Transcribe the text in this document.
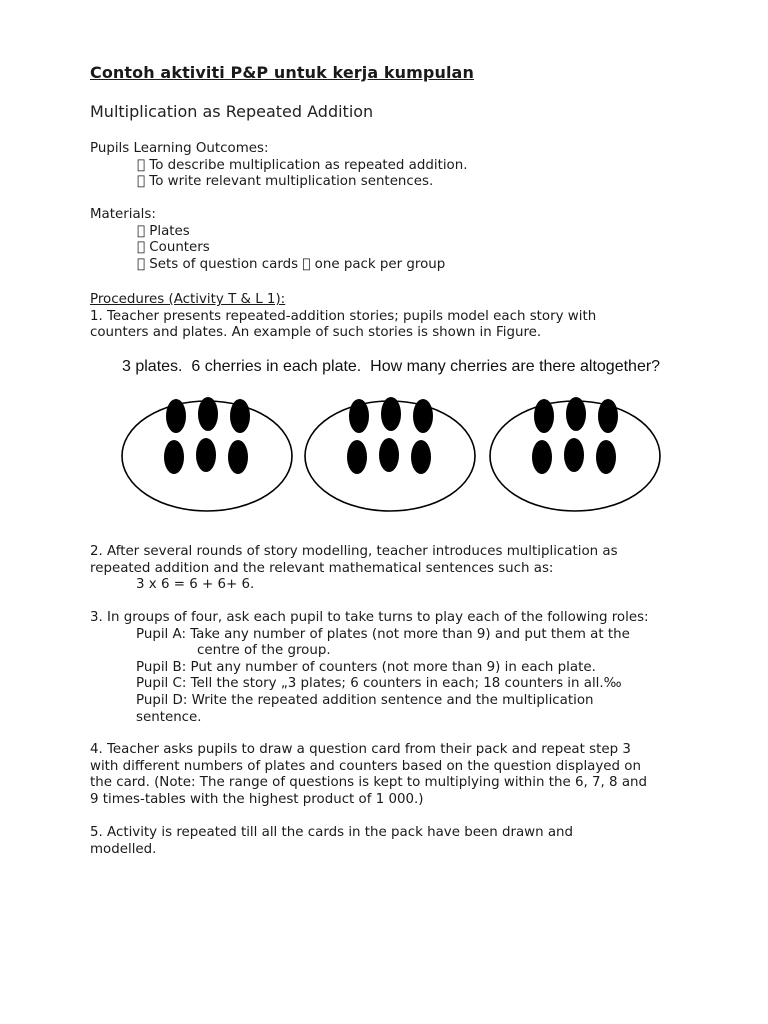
Contoh aktiviti P&P untuk kerja kumpulan
Multiplication as Repeated Addition
Pupils Learning Outcomes:
To describe multiplication as repeated addition.
To write relevant multiplication sentences.
Materials:
Plates
Counters
Sets of question cards one pack per group
Procedures (Activity T & L 1):
1. Teacher presents repeated-addition stories; pupils model each story with
counters and plates. An example of such stories is shown in Figure.
3 plates.  6 cherries in each plate.  How many cherries are there altogether?
2. After several rounds of story modelling, teacher introduces multiplication as
repeated addition and the relevant mathematical sentences such as:
3 x 6 = 6 + 6+ 6.
3. In groups of four, ask each pupil to take turns to play each of the following roles:
Pupil A: Take any number of plates (not more than 9) and put them at the
centre of the group.
Pupil B: Put any number of counters (not more than 9) in each plate.
Pupil C: Tell the story „3 plates; 6 counters in each; 18 counters in all.‰
Pupil D: Write the repeated addition sentence and the multiplication
sentence.
4. Teacher asks pupils to draw a question card from their pack and repeat step 3
with different numbers of plates and counters based on the question displayed on
the card. (Note: The range of questions is kept to multiplying within the 6, 7, 8 and
9 times-tables with the highest product of 1 000.)
5. Activity is repeated till all the cards in the pack have been drawn and
modelled.
